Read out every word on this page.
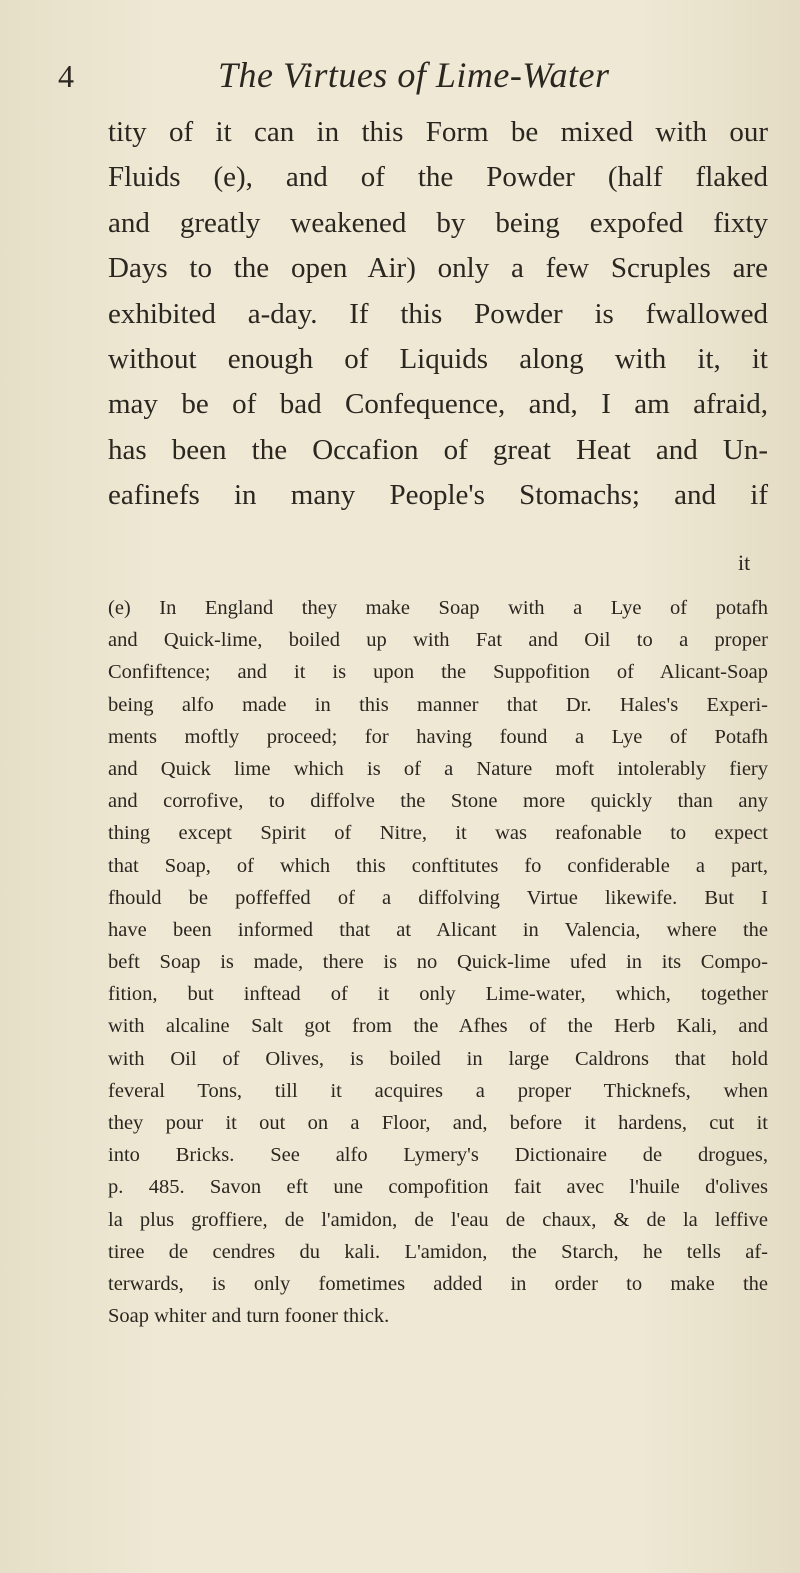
4	The Virtues of Lime-Water
tity of it can in this Form be mixed with our
Fluids (e), and of the Powder (half flaked
and greatly weakened by being expofed fixty
Days to the open Air) only a few Scruples are
exhibited a-day. If this Powder is fwallowed
without enough of Liquids along with it, it
may be of bad Confequence, and, I am afraid,
has been the Occafion of great Heat and Un-
eafinefs in many People's Stomachs; and if
it
(e) In England they make Soap with a Lye of potafh
and Quick-lime, boiled up with Fat and Oil to a proper
Confiftence; and it is upon the Suppofition of Alicant-Soap
being alfo made in this manner that Dr. Hales's Experi-
ments moftly proceed; for having found a Lye of Potafh
and Quick lime which is of a Nature moft intolerably fiery
and corrofive, to diffolve the Stone more quickly than any
thing except Spirit of Nitre, it was reafonable to expect
that Soap, of which this conftitutes fo confiderable a part,
fhould be poffeffed of a diffolving Virtue likewife. But I
have been informed that at Alicant in Valencia, where the
beft Soap is made, there is no Quick-lime ufed in its Compo-
fition, but inftead of it only Lime-water, which, together
with alcaline Salt got from the Afhes of the Herb Kali, and
with Oil of Olives, is boiled in large Caldrons that hold
feveral Tons, till it acquires a proper Thicknefs, when
they pour it out on a Floor, and, before it hardens, cut it
into Bricks. See alfo Lymery's Dictionaire de drogues,
p. 485. Savon eft une compofition fait avec l'huile d'olives
la plus groffiere, de l'amidon, de l'eau de chaux, & de la leffive
tiree de cendres du kali. L'amidon, the Starch, he tells af-
terwards, is only fometimes added in order to make the
Soap whiter and turn fooner thick.
